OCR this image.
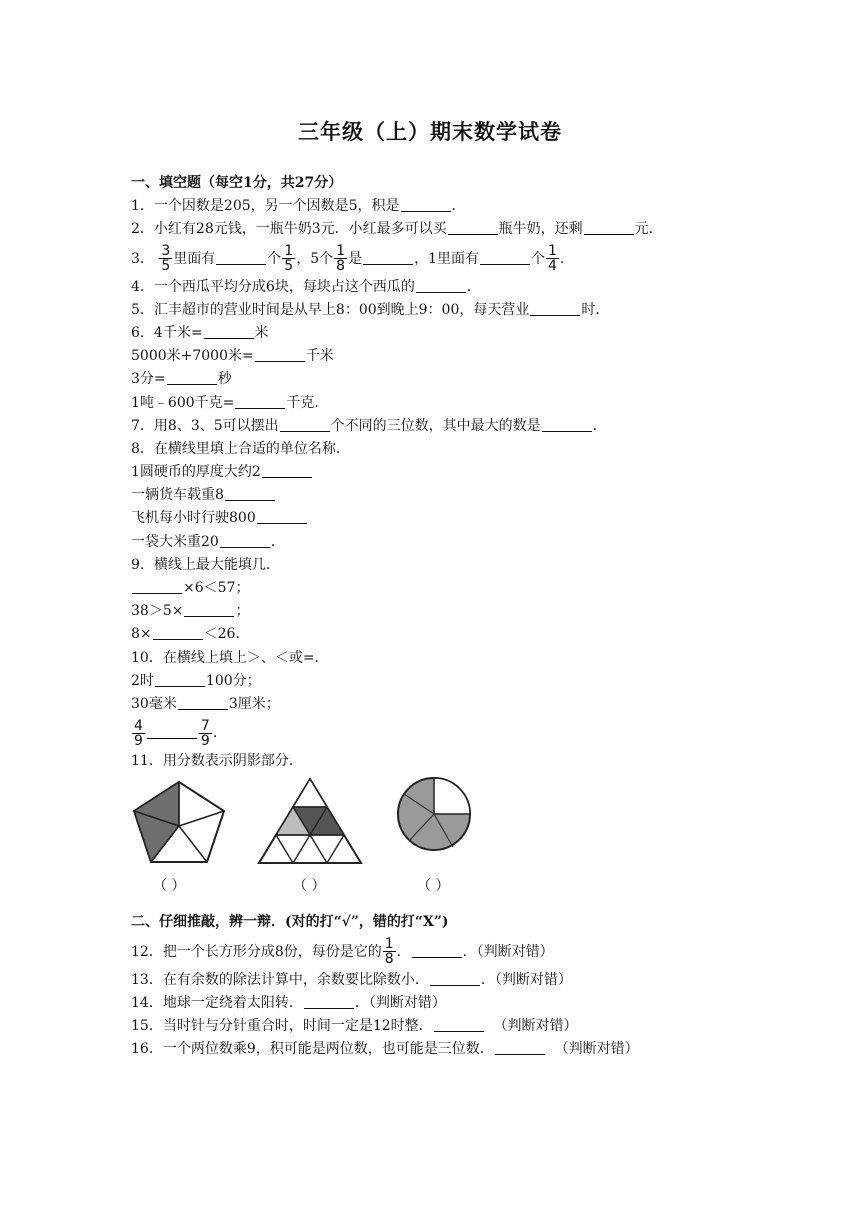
三年级（上）期末数学试卷
一、填空题（每空1分，共27分）
1．一个因数是205，另一个因数是5，积是	．
2．小红有28元钱，一瓶牛奶3元．小红最多可以买	瓶牛奶，还剩	元．
3． $\frac{3}{5}$ 里面有	个 $\frac{1}{5}$ ，5个 $\frac{1}{8}$ 是	，1里面有	个 $\frac{1}{4}$ .
4．一个西瓜平均分成6块，每块占这个西瓜的	．
5．汇丰超市的营业时间是从早上8：00到晚上9：00，每天营业	时．
6．4千米=	米
5000米+7000米=	千米
3分=	秒
1吨﹣600千克=	千克．
7．用8、3、5可以摆出	个不同的三位数，其中最大的数是	．
8．在横线里填上合适的单位名称．
1圆硬币的厚度大约2
一辆货车载重8
飞机每小时行驶800
一袋大米重20	．
9．横线上最大能填几．
×6＜57；
38＞5×	；
8×	＜26．
10．在横线上填上＞、＜或=．
2时	100分；
30毫米	3厘米；
$\frac{4}{9}$	$\frac{7}{9}$ .
11．用分数表示阴影部分．
（ ）	（ ）	（ ）
二、仔细推敲，辨一辩．(对的打“√”，错的打“X”)
12．把一个长方形分成8份，每份是它的 $\frac{1}{8}$ ．	．（判断对错）
13．在有余数的除法计算中，余数要比除数小．	．（判断对错）
14．地球一定绕着太阳转．	．（判断对错）
15．当时针与分针重合时，时间一定是12时整．	（判断对错）
16．一个两位数乘9，积可能是两位数，也可能是三位数．	（判断对错）
